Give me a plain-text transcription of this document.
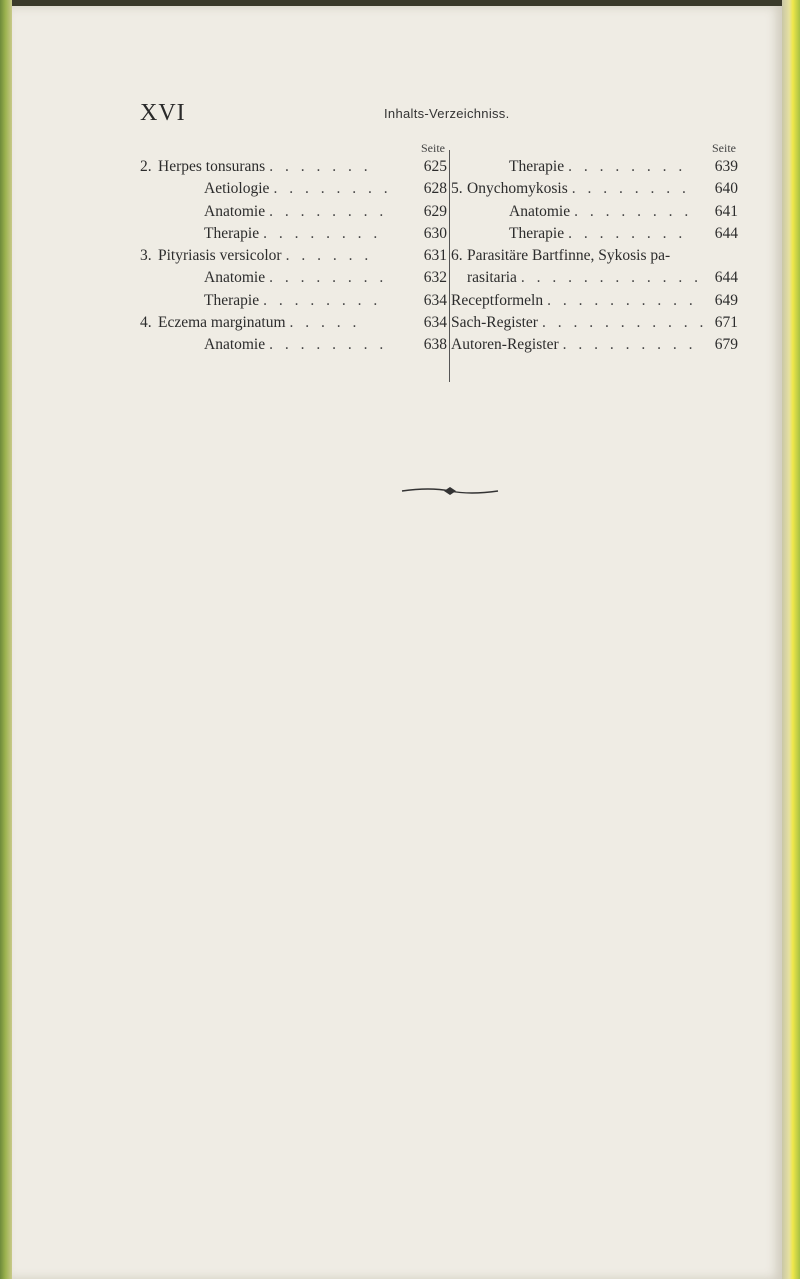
XVI	Inhalts-Verzeichniss.
Seite
2. Herpes tonsurans . . . . . . .	625
Aetiologie . . . . . . . .	628
Anatomie . . . . . . . .	629
Therapie . . . . . . . .	630
3. Pityriasis versicolor . . . . . .	631
Anatomie . . . . . . . .	632
Therapie . . . . . . . .	634
4. Eczema marginatum . . . . .	634
Anatomie . . . . . . . .	638
Seite
Therapie . . . . . . . .	639
5. Onychomykosis . . . . . . . .	640
Anatomie . . . . . . . .	641
Therapie . . . . . . . .	644
6. Parasitäre Bartfinne, Sykosis pa-
rasitaria . . . . . . . . . . . . 644
Receptformeln . . . . . . . . . .	649
Sach-Register . . . . . . . . . . . 671
Autoren-Register . . . . . . . . .	679
